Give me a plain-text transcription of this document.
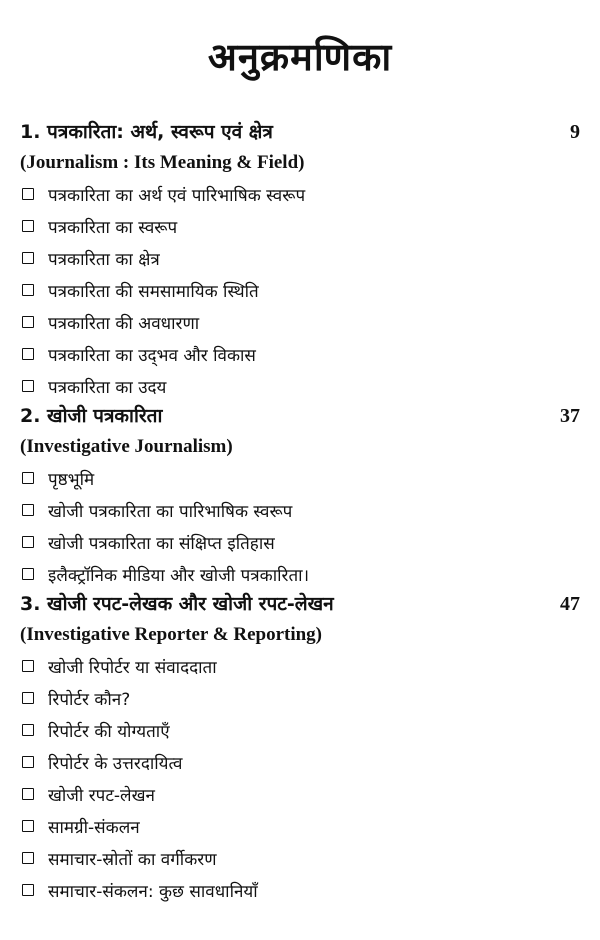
अनुक्रमणिका
1. पत्रकारिता: अर्थ, स्वरूप एवं क्षेत्र	9
(Journalism : Its Meaning & Field)
पत्रकारिता का अर्थ एवं पारिभाषिक स्वरूप
पत्रकारिता का स्वरूप
पत्रकारिता का क्षेत्र
पत्रकारिता की समसामायिक स्थिति
पत्रकारिता की अवधारणा
पत्रकारिता का उद्‌भव और विकास
पत्रकारिता का उदय
2. खोजी पत्रकारिता	37
(Investigative Journalism)
पृष्ठभूमि
खोजी पत्रकारिता का पारिभाषिक स्वरूप
खोजी पत्रकारिता का संक्षिप्त इतिहास
इलैक्ट्रॉनिक मीडिया और खोजी पत्रकारिता।
3. खोजी रपट-लेखक और खोजी रपट-लेखन	47
(Investigative Reporter & Reporting)
खोजी रिपोर्टर या संवाददाता
रिपोर्टर कौन?
रिपोर्टर की योग्यताएँ
रिपोर्टर के उत्तरदायित्व
खोजी रपट-लेखन
सामग्री-संकलन
समाचार-स्रोतों का वर्गीकरण
समाचार-संकलन: कुछ सावधानियाँ
